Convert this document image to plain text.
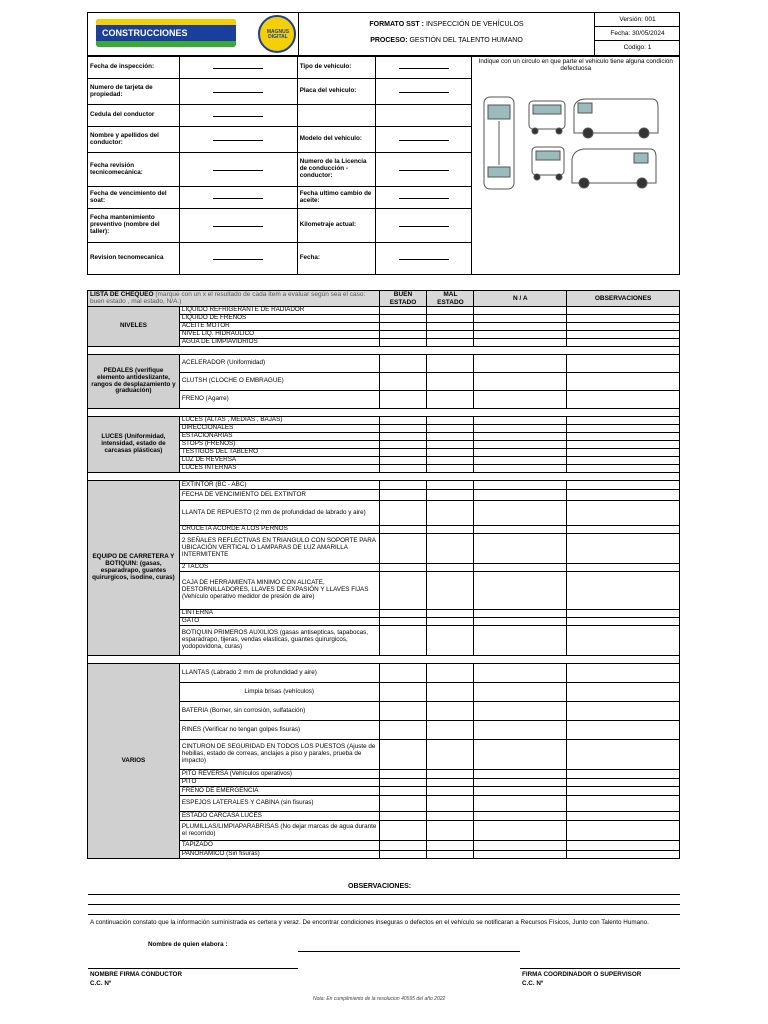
CONSTRUCCIONES	MAGNUS DIGITAL
FORMATO SST : INSPECCIÓN DE VEHÍCULOS
PROCESO: GESTIÓN DEL TALENTO HUMANO
Versión: 001
Fecha: 30/05/2024
Codigo: 1
Fecha de inspección:		Tipo de vehiculo:		Indique con un circulo en que parte el vehiculo tiene alguna condición defectuosa

Numero de tarjeta de propiedad:		Placa del vehiculo:		
Cedula del conductor				
Nombre y apellidos del conductor:		Modelo del vehiculo:		
Fecha revisión tecnicomecánica:		Numero de la Licencia de conducción - conductor:		
Fecha de vencimiento del soat:		Fecha ultimo cambio de aceite:		
Fecha mantenimiento preventivo (nombre del taller):		Kilometraje actual:		
Revision tecnomecanica		Fecha:		
LISTA DE CHEQUEO (marque con un x el resultado de cada ítem a evaluar según sea el caso: buen estado , mal estado, N/A.)		BUEN ESTADO	MAL ESTADO	N / A	OBSERVACIONES
NIVELES	LIQUIDO REFRIGERANTE DE RADIADOR				
	LIQUIDO DE FRENOS				
	ACEITE MOTOR				
	NIVEL LIQ. HIDRAULICO				
	AGUA DE LIMPIAVIDRIOS				

PEDALES (verifique elemento antideslizante, rangos de desplazamiento y graduación)	ACELERADOR (Uniformidad)				
	CLUTSH (CLOCHE O EMBRAGUE)				
	FRENO (Agarre)				

LUCES (Uniformidad, intensidad, estado de carcasas plásticas)	LUCES (ALTAS , MEDIAS , BAJAS)				
	DIRECCIONALES				
	ESTACIONARIAS				
	STOPS (FRENOS)				
	TESTIGOS DEL TABLERO				
	LUZ DE REVERSA				
	LUCES INTERNAS				

EQUIPO DE CARRETERA Y BOTIQUIN: (gasas, esparadrapo, guantes quirurgicos, isodine, curas)	EXTINTOR (BC - ABC)				
	FECHA DE VENCIMIENTO DEL EXTINTOR				
	LLANTA DE REPUESTO (2 mm de profundidad de labrado y aire)				
	CRUCETA ACORDE A LOS PERNOS				
	2 SEÑALES REFLECTIVAS EN TRIANGULO CON SOPORTE PARA UBICACIÓN VERTICAL O LAMPARAS DE LUZ AMARILLA INTERMITENTE				
	2 TACOS				
	CAJA DE HERRAMIENTA MINIMO CON ALICATE, DESTORNILLADORES, LLAVES DE EXPASIÓN Y LLAVES FIJAS (Vehículo operativo medidor de presión de aire)				
	LINTERNA				
	GATO				
	BOTIQUIN PRIMEROS AUXILIOS (gasas antisepticas, tapabocas, esparadrapo, tijeras, vendas elasticas, guantes quirurgicos, yodopovidona, curas)				

VARIOS	LLANTAS (Labrado 2 mm de profundidad y aire)				
	Limpia brisas (vehículos)				
	BATERIA (Borner, sin corrosión, sulfatación)				
	RINES (Verificar no tengan golpes fisuras)				
	CINTURON DE SEGURIDAD EN TODOS LOS PUESTOS (Ajuste de hebillas, estado de correas, anclajes a piso y parales, prueba de impacto)				
	PITO REVERSA (Vehículos operativos)				
	PITO				
	FRENO DE EMERGENCIA				
	ESPEJOS LATERALES Y CABINA (sin fisuras)				
	ESTADO CARCASA LUCES				
	PLUMILLAS/LIMPIAPARABRISAS (No dejar marcas de agua durante el recorrido)				
	TAPIZADO				
	PANORAMICO (Sin fisuras)				
OBSERVACIONES:
A continuación constato que la información suministrada es certera y veraz. De encontrar condiciones inseguras o defectos en el vehículo se notificaran a Recursos Físicos, Junto con Talento Humano.
Nombre de quien elabora :
NOMBRE FIRMA CONDUCTOR
C.C. Nº
FIRMA COORDINADOR O SUPERVISOR
C.C. Nº
Nota: En cumplimiento de la resolucion 40595 del año 2022
